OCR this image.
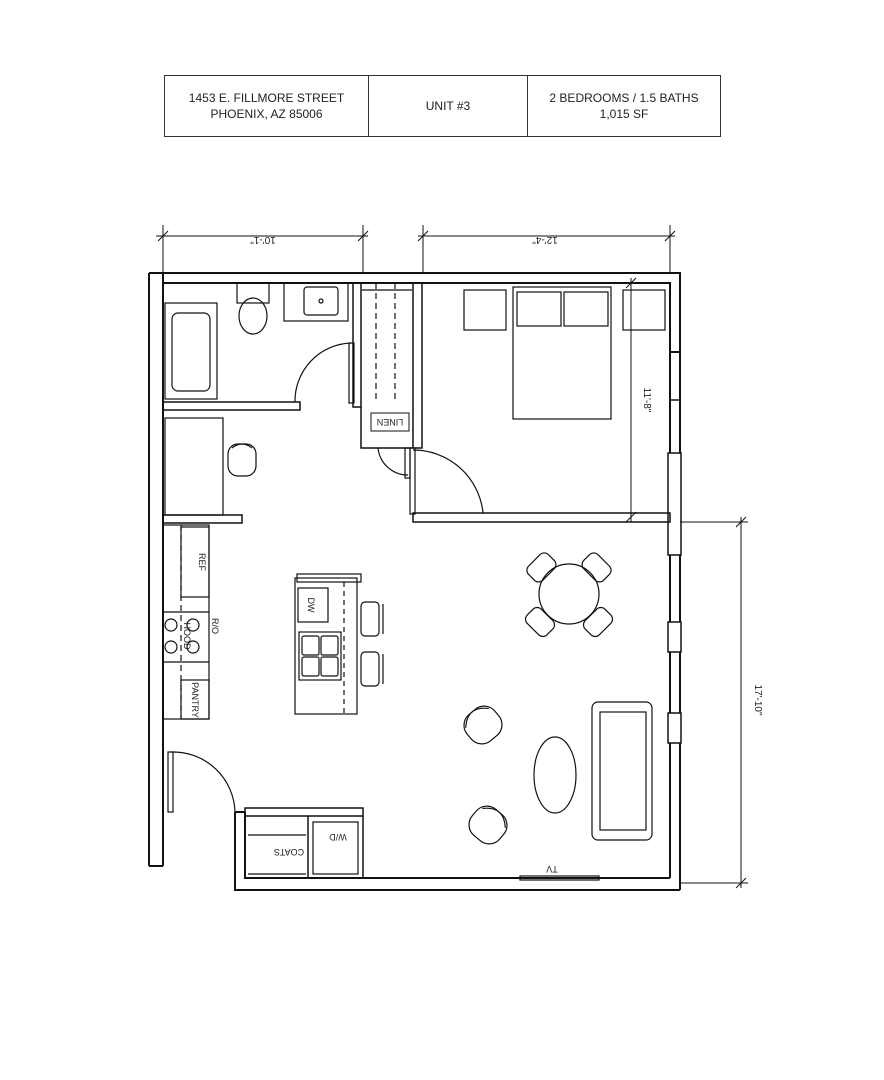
1453 E. FILLMORE STREET
PHOENIX, AZ 85006
UNIT #3
2 BEDROOMS / 1.5 BATHS
1,015 SF
LINEN
REF
R/O
HOOD
PANTRY
DW
TV
COATS
W/D
10'-1"	12'-4"
11'-8"
17'-10"
